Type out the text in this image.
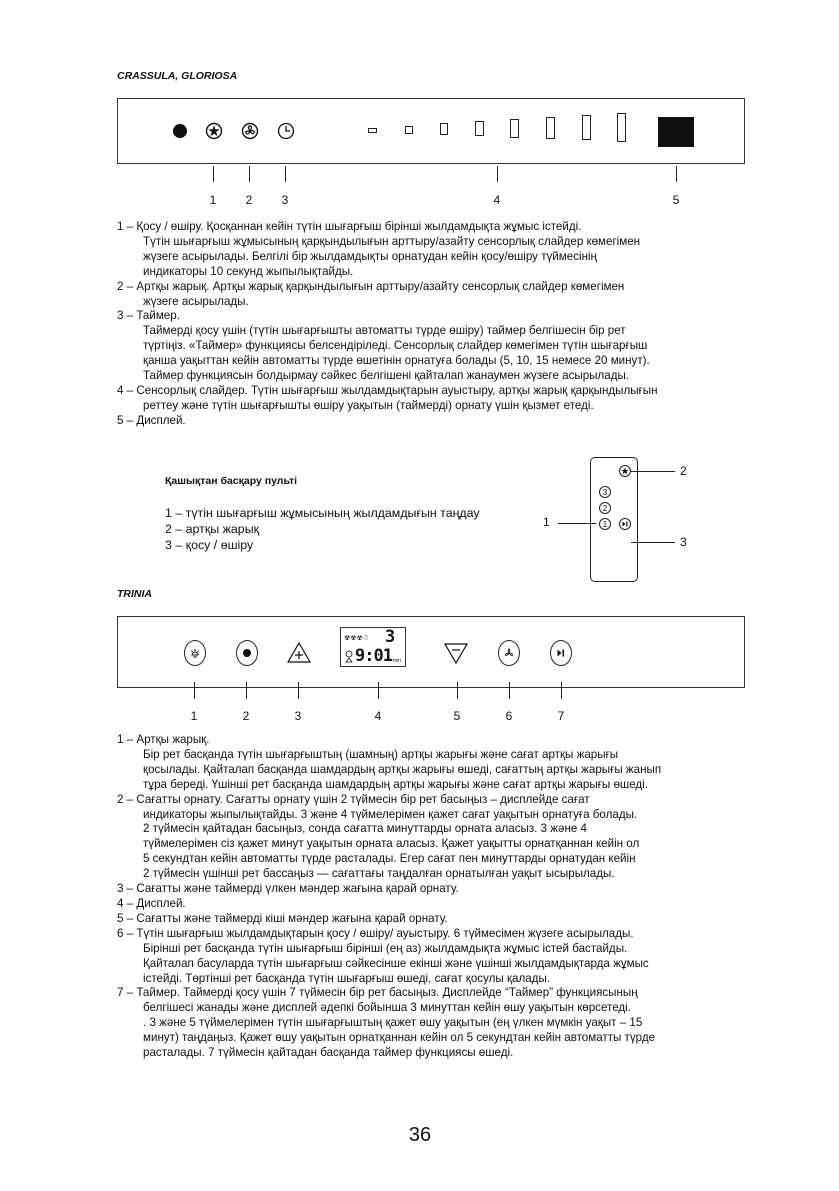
CRASSULA, GLORIOSA
1	2	3	4	5

1 – Қосу / өшіру. Қосқаннан кейін түтін шығарғыш бірінші жылдамдықта жұмыс істейді.

Түтін шығарғыш жұмысының қарқындылығын арттыру/азайту сенсорлық слайдер көмегімен

жүзеге асырылады. Белгілі бір жылдамдықты орнатудан кейін қосу/өшіру түймесінің

индикаторы 10 секунд жыпылықтайды.

2 – Артқы жарық. Артқы жарық қарқындылығын арттыру/азайту сенсорлық слайдер көмегімен

жүзеге асырылады.

3 – Таймер.

Таймерді қосу үшін (түтін шығарғышты автоматты түрде өшіру) таймер белгішесін бір рет

түртіңіз. «Таймер» функциясы белсендіріледі. Сенсорлық слайдер көмегімен түтін шығарғыш

қанша уақыттан кейін автоматты түрде өшетінін орнатуға болады (5, 10, 15 немесе 20 минут).

Таймер функциясын болдырмау сәйкес белгішені қайталап жанаумен жүзеге асырылады.

4 – Сенсорлық слайдер. Түтін шығарғыш жылдамдықтарын ауыстыру, артқы жарық қарқындылығын

реттеу және түтін шығарғышты өшіру уақытын (таймерді) орнату үшін қызмет етеді.

5 – Дисплей.

Қашықтан басқару пульті
1 – түтін шығарғыш жұмысының жылдамдығын таңдау
2 – артқы жарық
3 – қосу / өшіру
3
2
1
1
2
3
TRINIA
☢☢☢☃ 3
9:01 min
1	2	3	4	5	6	7

1 – Артқы жарық.

Бір рет басқанда түтін шығарғыштың (шамның) артқы жарығы және сағат артқы жарығы

қосылады. Қайталап басқанда шамдардың артқы жарығы өшеді, сағаттың артқы жарығы жанып

тұра береді. Үшінші рет басқанда шамдардың артқы жарығы және сағат артқы жарығы өшеді.

2 – Сағатты орнату. Сағатты орнату үшін 2 түймесін бір рет басыңыз – дисплейде сағат

индикаторы жыпылықтайды. 3 және 4 түймелерімен қажет сағат уақытын орнатуға болады.

2 түймесін қайтадан басыңыз, сонда сағатта минуттарды орната аласыз. 3 және 4

түймелерімен сіз қажет минут уақытын орната аласыз. Қажет уақытты орнатқаннан кейін ол

5 секундтан кейін автоматты түрде расталады. Егер сағат пен минуттарды орнатудан кейін

2 түймесін үшінші рет бассаңыз — сағаттағы таңдалған орнатылған уақыт ысырылады.

3 – Сағатты және таймерді үлкен мәндер жағына қарай орнату.

4 – Дисплей.

5 – Сағатты және таймерді кіші мәндер жағына қарай орнату.

6 – Түтін шығарғыш жылдамдықтарын қосу / өшіру/ ауыстыру. 6 түймесімен жүзеге асырылады.

Бірінші рет басқанда түтін шығарғыш бірінші (ең аз) жылдамдықта жұмыс істей бастайды.

Қайталап басуларда түтін шығарғыш сәйкесінше екінші және үшінші жылдамдықтарда жұмыс

істейді. Төртінші рет басқанда түтін шығарғыш өшеді, сағат қосулы қалады.

7 – Таймер. Таймерді қосу үшін 7 түймесін бір рет басыңыз. Дисплейде “Таймер” функциясының

белгішесі жанады және дисплей әдепкі бойынша 3 минуттан кейін өшу уақытын көрсетеді.

. 3 және 5 түймелерімен түтін шығарғыштың қажет өшу уақытын (ең үлкен мүмкін уақыт – 15

минут) таңдаңыз. Қажет өшу уақытын орнатқаннан кейін ол 5 секундтан кейін автоматты түрде

расталады. 7 түймесін қайтадан басқанда таймер функциясы өшеді.

36
